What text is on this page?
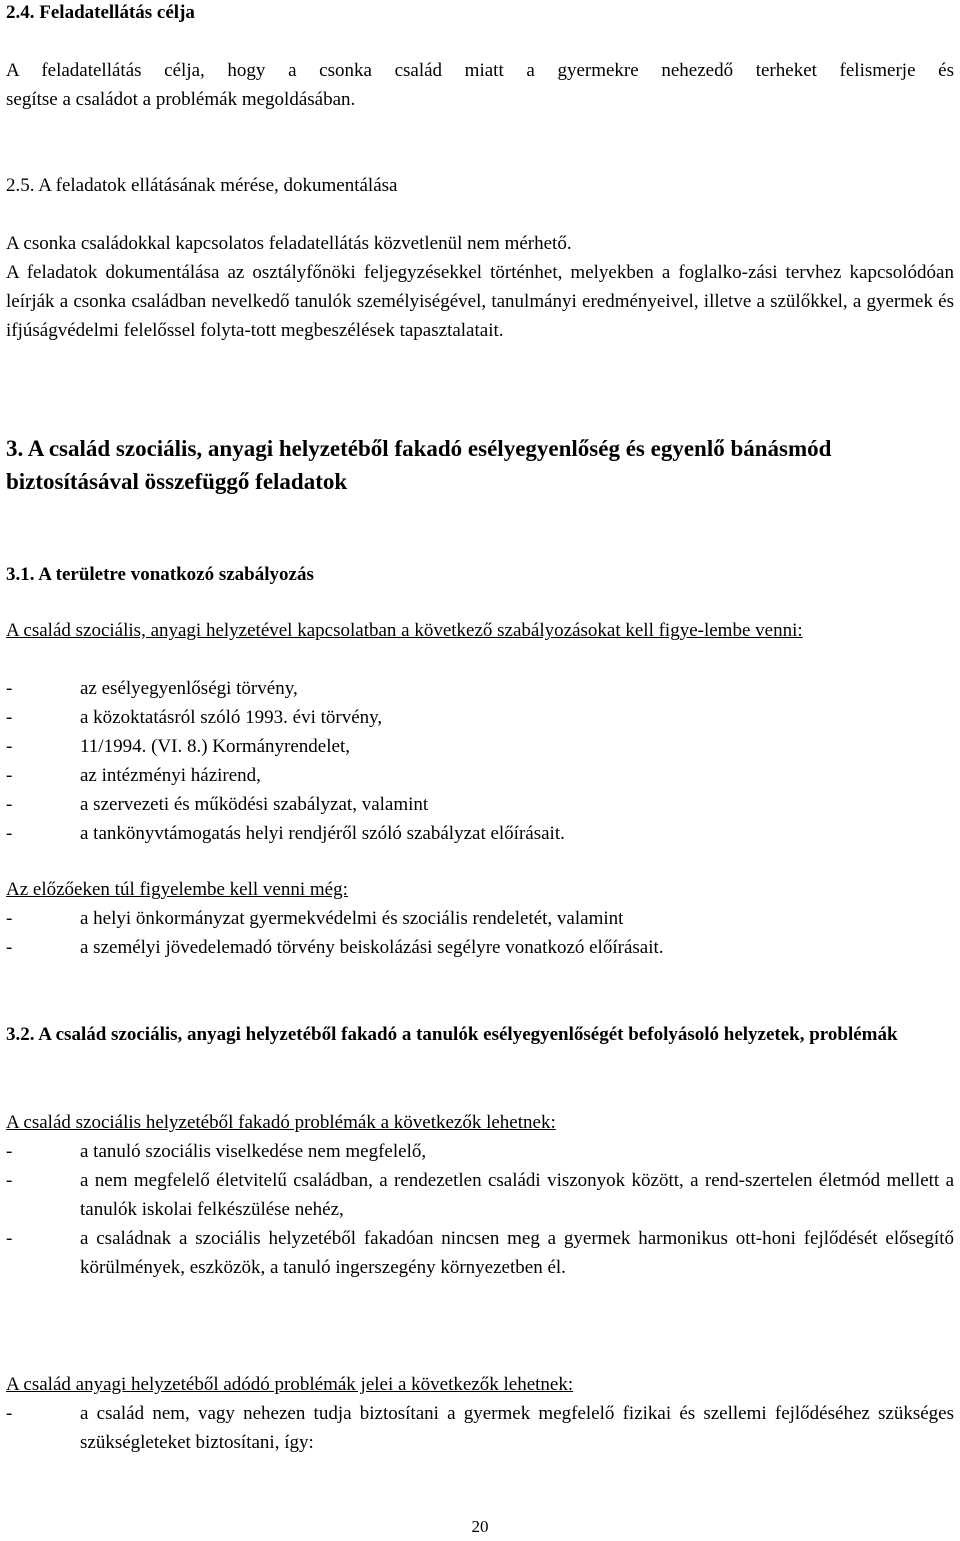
2.4. Feladatellátás célja
A feladatellátás célja, hogy a csonka család miatt a gyermekre nehezedő terheket felismerje és
segítse a családot a problémák megoldásában.
2.5. A feladatok ellátásának mérése, dokumentálása
A csonka családokkal kapcsolatos feladatellátás közvetlenül nem mérhető.
A feladatok dokumentálása az osztályfőnöki feljegyzésekkel történhet, melyekben a foglalko-zási tervhez kapcsolódóan leírják a csonka családban nevelkedő tanulók személyiségével, tanulmányi eredményeivel, illetve a szülőkkel, a gyermek és ifjúságvédelmi felelőssel folyta-tott megbeszélések tapasztalatait.
3. A család szociális, anyagi helyzetéből fakadó esélyegyenlőség és egyenlő bánásmód biztosításával összefüggő feladatok
3.1. A területre vonatkozó szabályozás
A család szociális, anyagi helyzetével kapcsolatban a következő szabályozásokat kell figye-lembe venni:
-	az esélyegyenlőségi törvény,
-	a közoktatásról szóló 1993. évi törvény,
-	11/1994. (VI. 8.) Kormányrendelet,
-	az intézményi házirend,
-	a szervezeti és működési szabályzat, valamint
-	a tankönyvtámogatás helyi rendjéről szóló szabályzat előírásait.
Az előzőeken túl figyelembe kell venni még:
-	a helyi önkormányzat gyermekvédelmi és szociális rendeletét, valamint
-	a személyi jövedelemadó törvény beiskolázási segélyre vonatkozó előírásait.
3.2. A család szociális, anyagi helyzetéből fakadó a tanulók esélyegyenlőségét befolyásoló helyzetek, problémák
A család szociális helyzetéből fakadó problémák a következők lehetnek:
-	a tanuló szociális viselkedése nem megfelelő,
-	a nem megfelelő életvitelű családban, a rendezetlen családi viszonyok között, a rend-szertelen életmód mellett a tanulók iskolai felkészülése nehéz,
-	a családnak a szociális helyzetéből fakadóan nincsen meg a gyermek harmonikus ott-honi fejlődését elősegítő körülmények, eszközök, a tanuló ingerszegény környezetben él.
A család anyagi helyzetéből adódó problémák jelei a következők lehetnek:
-	a család nem, vagy nehezen tudja biztosítani a gyermek megfelelő fizikai és szellemi fejlődéséhez szükséges szükségleteket biztosítani, így:
20
